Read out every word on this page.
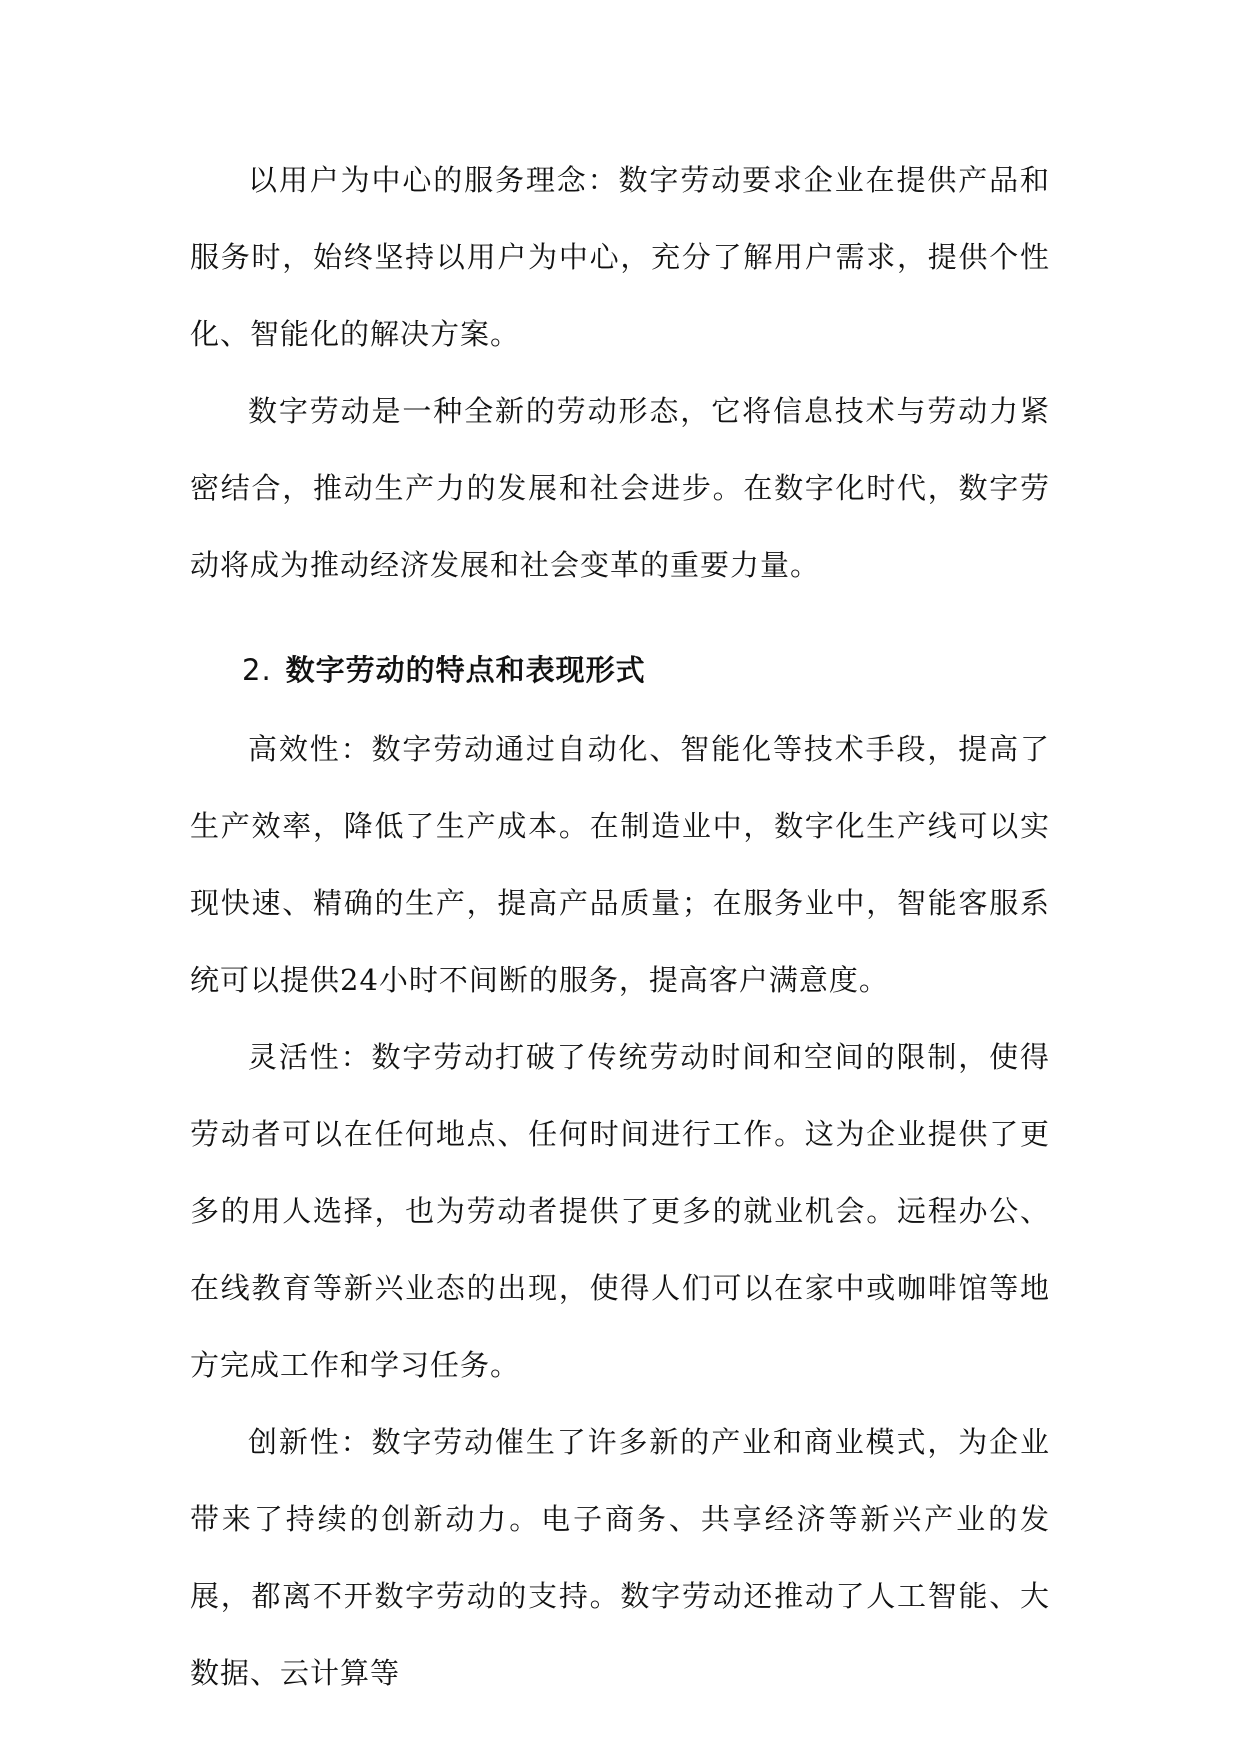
以用户为中心的服务理念：数字劳动要求企业在提供产品和服务时，始终坚持以用户为中心，充分了解用户需求，提供个性化、智能化的解决方案。

数字劳动是一种全新的劳动形态，它将信息技术与劳动力紧密结合，推动生产力的发展和社会进步。在数字化时代，数字劳动将成为推动经济发展和社会变革的重要力量。

2. 数字劳动的特点和表现形式

高效性：数字劳动通过自动化、智能化等技术手段，提高了生产效率，降低了生产成本。在制造业中，数字化生产线可以实现快速、精确的生产，提高产品质量；在服务业中，智能客服系统可以提供24小时不间断的服务，提高客户满意度。

灵活性：数字劳动打破了传统劳动时间和空间的限制，使得劳动者可以在任何地点、任何时间进行工作。这为企业提供了更多的用人选择，也为劳动者提供了更多的就业机会。远程办公、在线教育等新兴业态的出现，使得人们可以在家中或咖啡馆等地方完成工作和学习任务。

创新性：数字劳动催生了许多新的产业和商业模式，为企业带来了持续的创新动力。电子商务、共享经济等新兴产业的发展，都离不开数字劳动的支持。数字劳动还推动了人工智能、大数据、云计算等
